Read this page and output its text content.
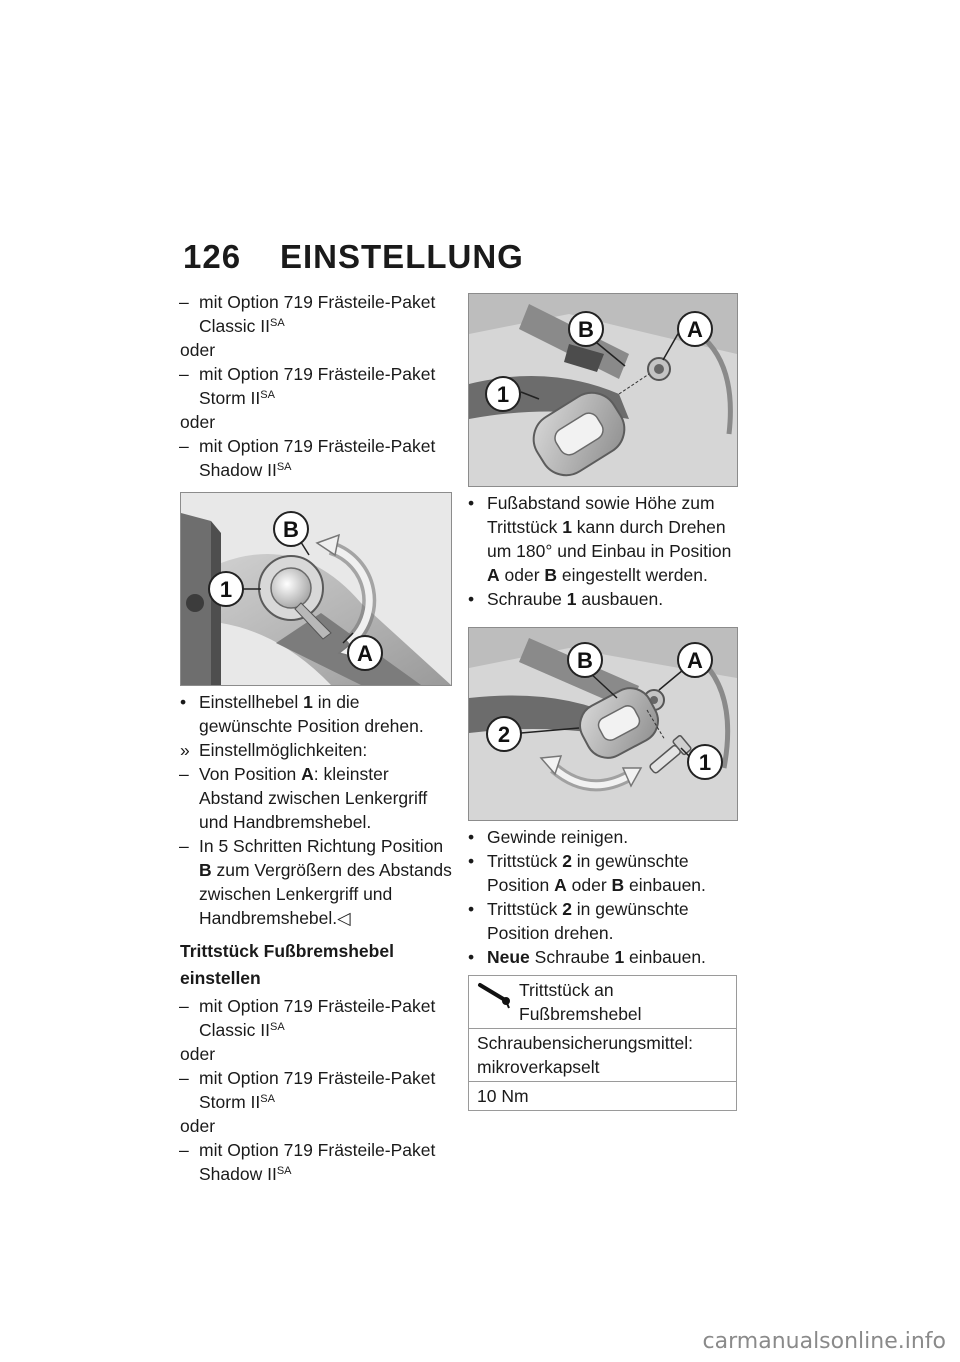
126 EINSTELLUNG

– mit Option 719 Frästeile-Paket Classic $II^{SA}$

oder

– mit Option 719 Frästeile-Paket Storm $II^{SA}$

oder

– mit Option 719 Frästeile-Paket Shadow $II^{SA}$

1
B
A

• Einstellhebel 1 in die gewünschte Position drehen.

» Einstellmöglichkeiten:

– Von Position A: kleinster Abstand zwischen Lenkergriff und Handbremshebel.

– In 5 Schritten Richtung Position B zum Vergrößern des Abstands zwischen Lenkergriff und Handbremshebel.◁

Trittstück Fußbremshebel einstellen

– mit Option 719 Frästeile-Paket Classic $II^{SA}$

oder

– mit Option 719 Frästeile-Paket Storm $II^{SA}$

oder

– mit Option 719 Frästeile-Paket Shadow $II^{SA}$

B	A
1

• Fußabstand sowie Höhe zum Trittstück 1 kann durch Drehen um 180° und Einbau in Position A oder B eingestellt werden.

• Schraube 1 ausbauen.

B	A
2
1

• Gewinde reinigen.

• Trittstück 2 in gewünschte Position A oder B einbauen.

• Trittstück 2 in gewünschte Position drehen.

• Neue Schraube 1 einbauen.

Trittstück an Fußbremshebel
Schraubensicherungsmittel: mikroverkapselt
10 Nm
carmanualsonline.info
